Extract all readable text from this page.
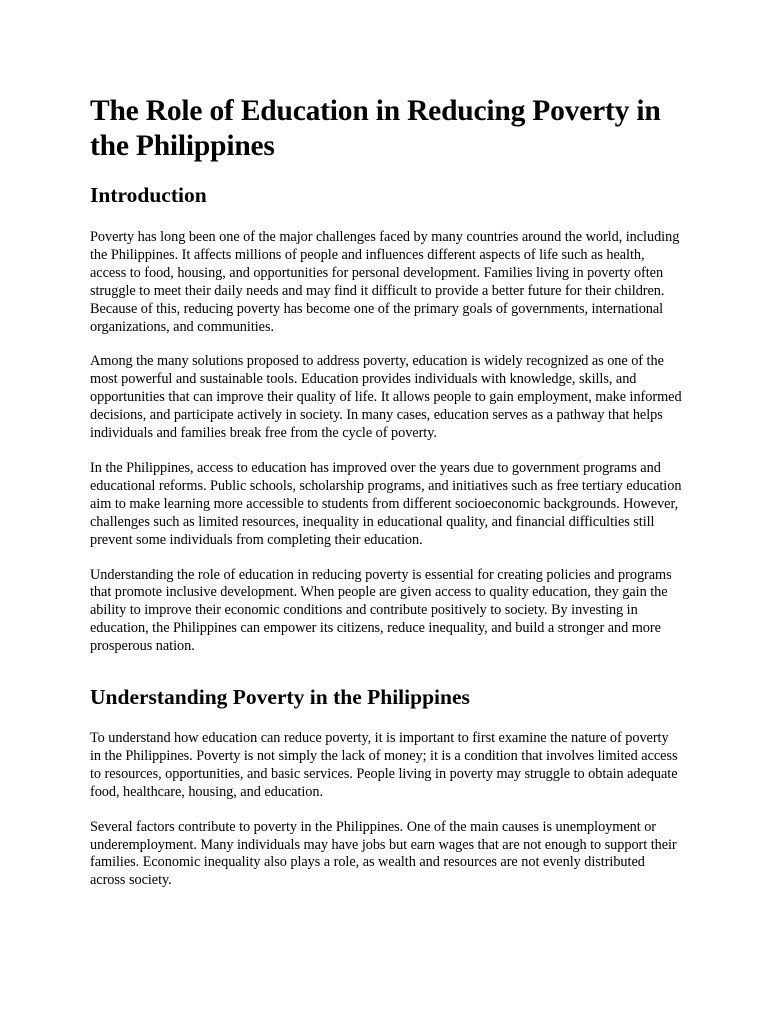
The Role of Education in Reducing Poverty in the Philippines
Introduction

Poverty has long been one of the major challenges faced by many countries around the world, including the Philippines. It affects millions of people and influences different aspects of life such as health, access to food, housing, and opportunities for personal development. Families living in poverty often struggle to meet their daily needs and may find it difficult to provide a better future for their children. Because of this, reducing poverty has become one of the primary goals of governments, international organizations, and communities.

Among the many solutions proposed to address poverty, education is widely recognized as one of the most powerful and sustainable tools. Education provides individuals with knowledge, skills, and opportunities that can improve their quality of life. It allows people to gain employment, make informed decisions, and participate actively in society. In many cases, education serves as a pathway that helps individuals and families break free from the cycle of poverty.

In the Philippines, access to education has improved over the years due to government programs and educational reforms. Public schools, scholarship programs, and initiatives such as free tertiary education aim to make learning more accessible to students from different socioeconomic backgrounds. However, challenges such as limited resources, inequality in educational quality, and financial difficulties still prevent some individuals from completing their education.

Understanding the role of education in reducing poverty is essential for creating policies and programs that promote inclusive development. When people are given access to quality education, they gain the ability to improve their economic conditions and contribute positively to society. By investing in education, the Philippines can empower its citizens, reduce inequality, and build a stronger and more prosperous nation.

Understanding Poverty in the Philippines

To understand how education can reduce poverty, it is important to first examine the nature of poverty in the Philippines. Poverty is not simply the lack of money; it is a condition that involves limited access to resources, opportunities, and basic services. People living in poverty may struggle to obtain adequate food, healthcare, housing, and education.

Several factors contribute to poverty in the Philippines. One of the main causes is unemployment or underemployment. Many individuals may have jobs but earn wages that are not enough to support their families. Economic inequality also plays a role, as wealth and resources are not evenly distributed across society.
